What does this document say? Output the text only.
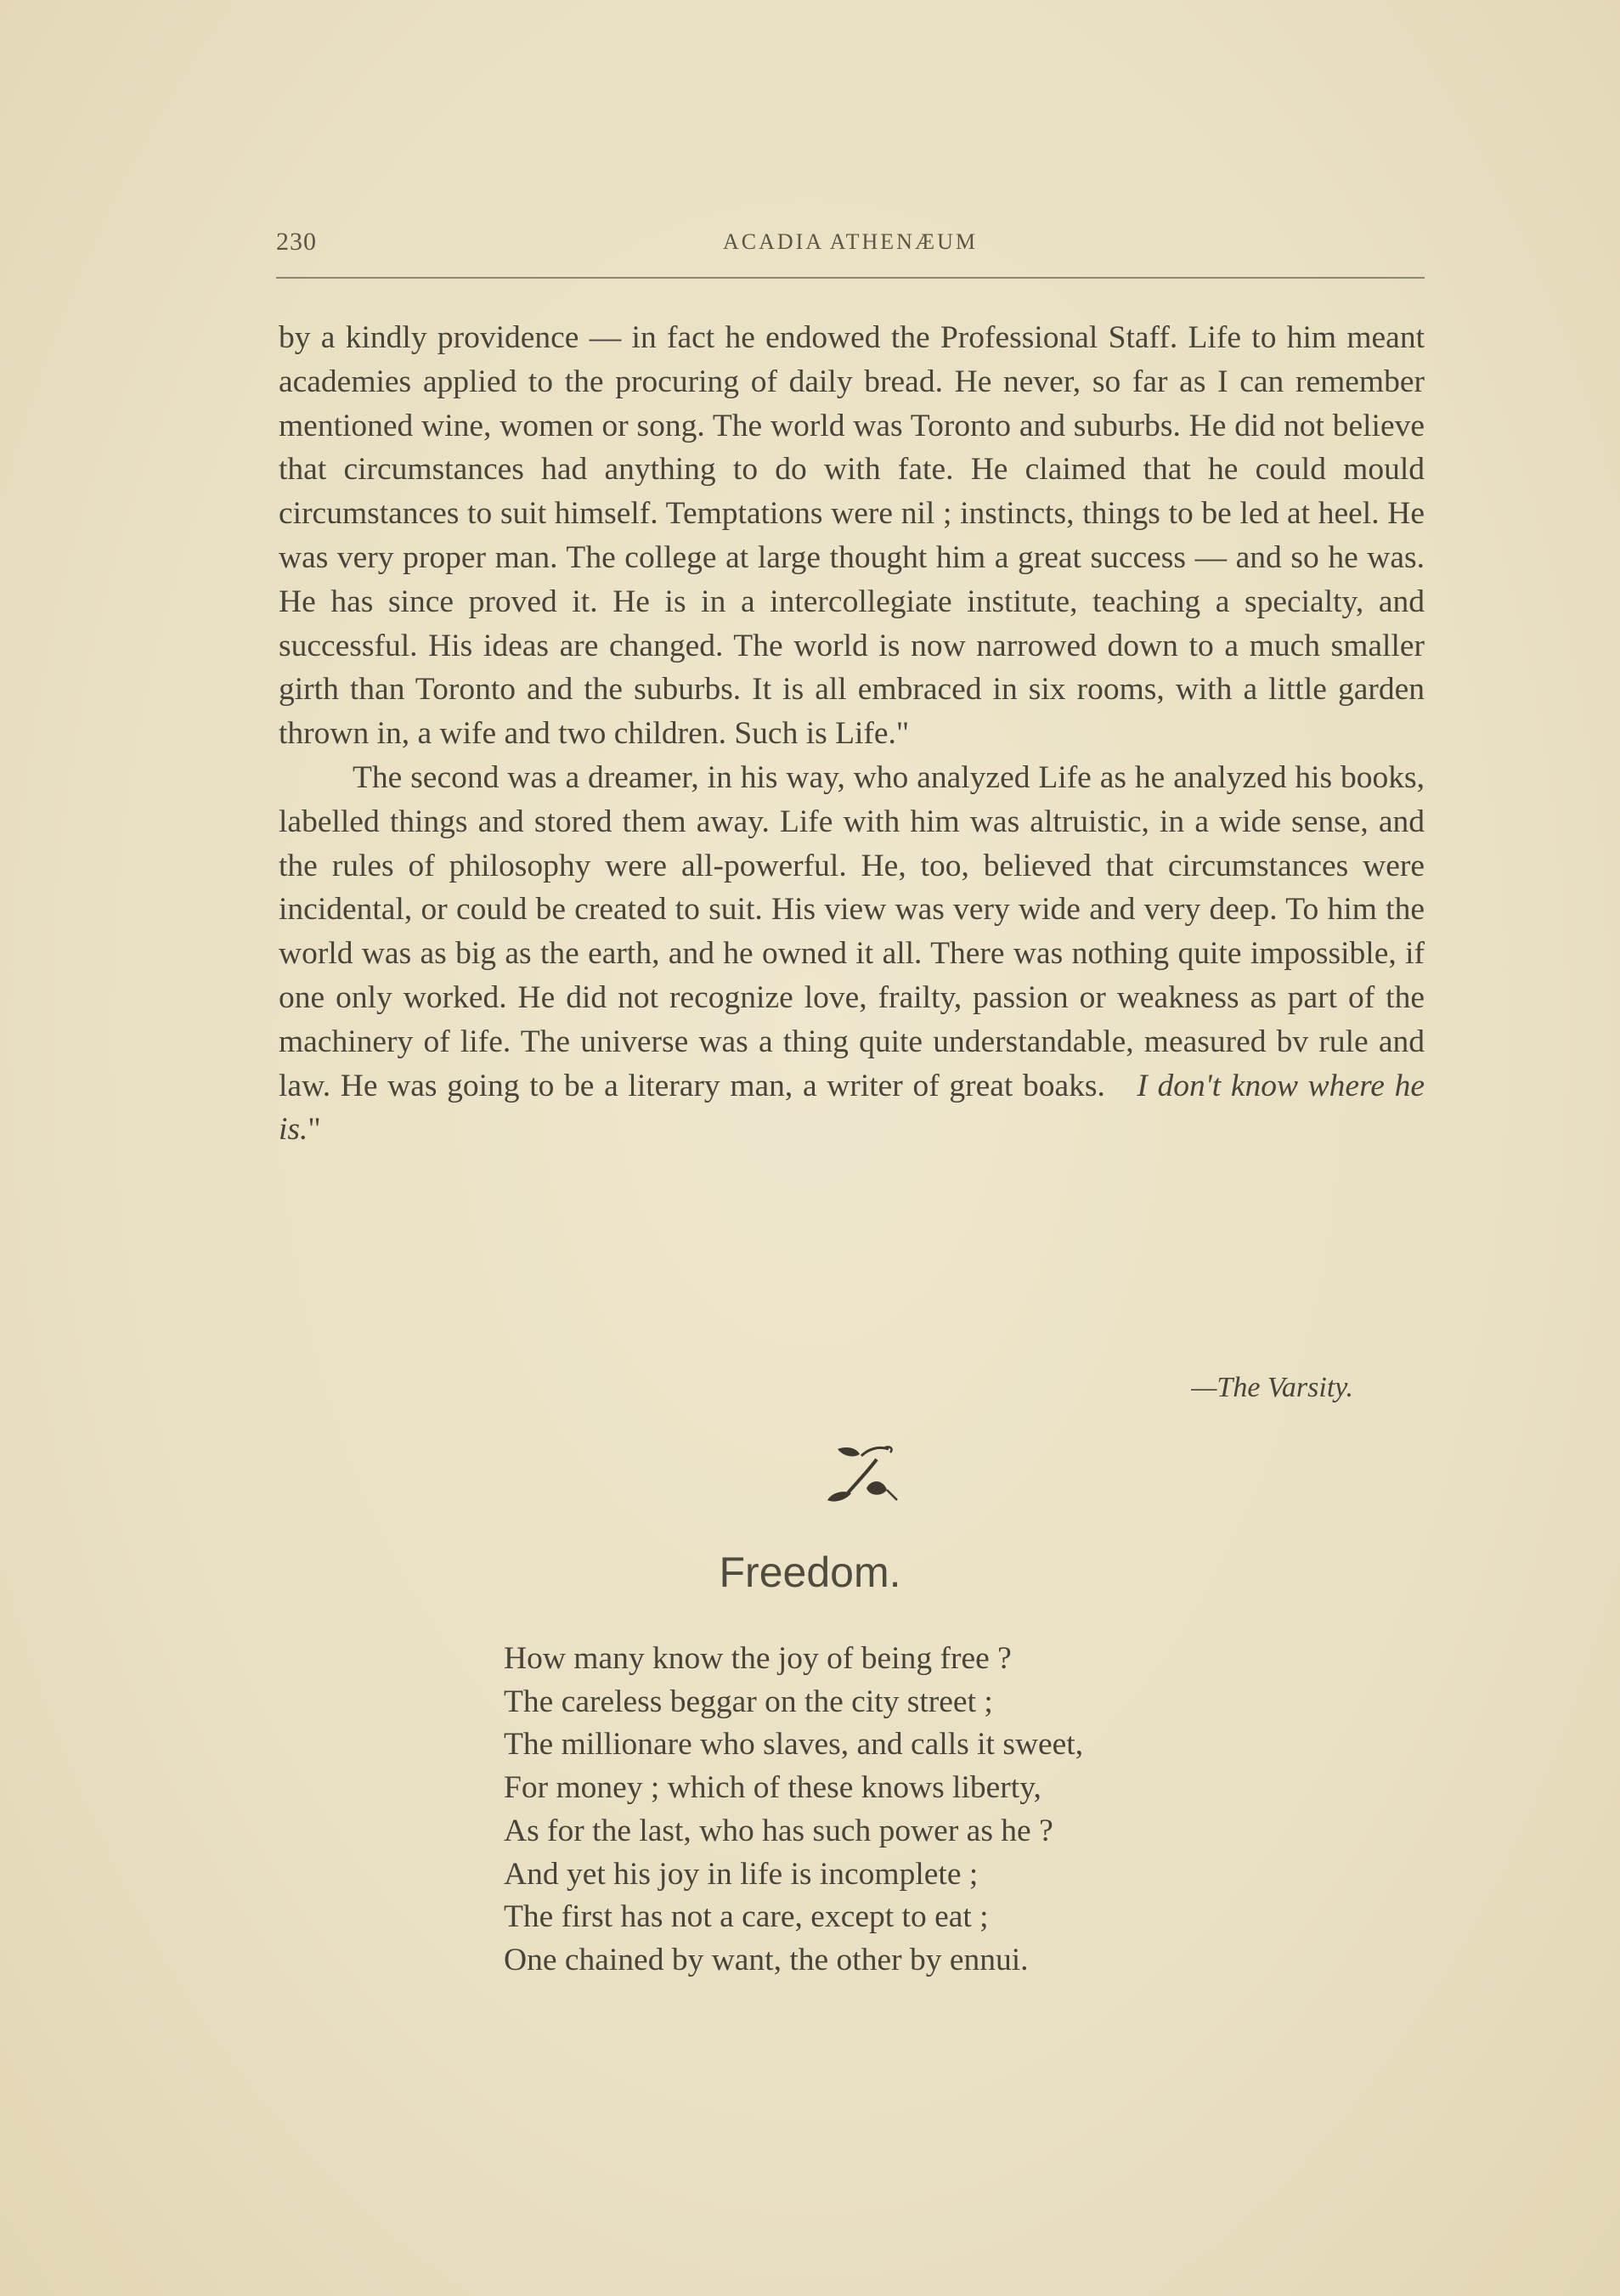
230	ACADIA ATHENÆUM

by a kindly providence — in fact he endowed the Professional Staff. Life to him meant academies applied to the procuring of daily bread. He never, so far as I can remember mentioned wine, women or song. The world was Toronto and suburbs. He did not believe that circumstances had anything to do with fate. He claimed that he could mould circumstances to suit himself. Temptations were nil ; instincts, things to be led at heel. He was very proper man. The college at large thought him a great success — and so he was. He has since proved it. He is in a intercollegiate institute, teaching a specialty, and successful. His ideas are changed. The world is now narrowed down to a much smaller girth than Toronto and the suburbs. It is all embraced in six rooms, with a little garden thrown in, a wife and two children. Such is Life."

The second was a dreamer, in his way, who analyzed Life as he analyzed his books, labelled things and stored them away. Life with him was altruistic, in a wide sense, and the rules of philosophy were all-powerful. He, too, believed that circumstances were incidental, or could be created to suit. His view was very wide and very deep. To him the world was as big as the earth, and he owned it all. There was nothing quite impossible, if one only worked. He did not recognize love, frailty, passion or weakness as part of the machinery of life. The universe was a thing quite understandable, measured bv rule and law. He was going to be a literary man, a writer of great boaks.  I don't know where he is."

—The Varsity.
Freedom.
How many know the joy of being free ?
The careless beggar on the city street ;
The millionare who slaves, and calls it sweet,
For money ; which of these knows liberty,
As for the last, who has such power as he ?
And yet his joy in life is incomplete ;
The first has not a care, except to eat ;
One chained by want, the other by ennui.
